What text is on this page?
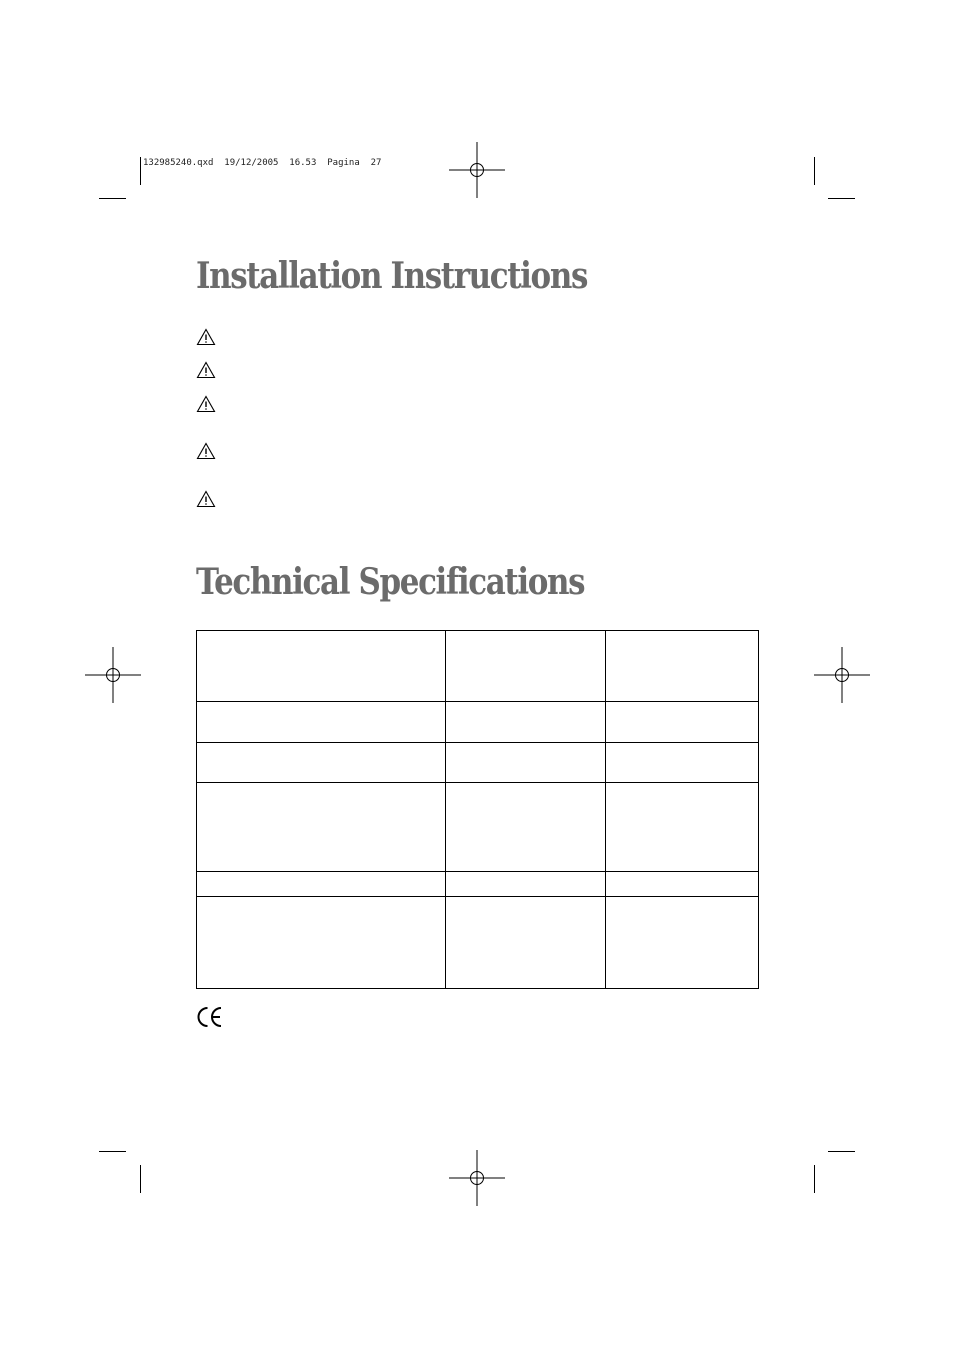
132985240.qxd  19/12/2005  16.53  Pagina  27
Installation Instructions
Technical Specifications
